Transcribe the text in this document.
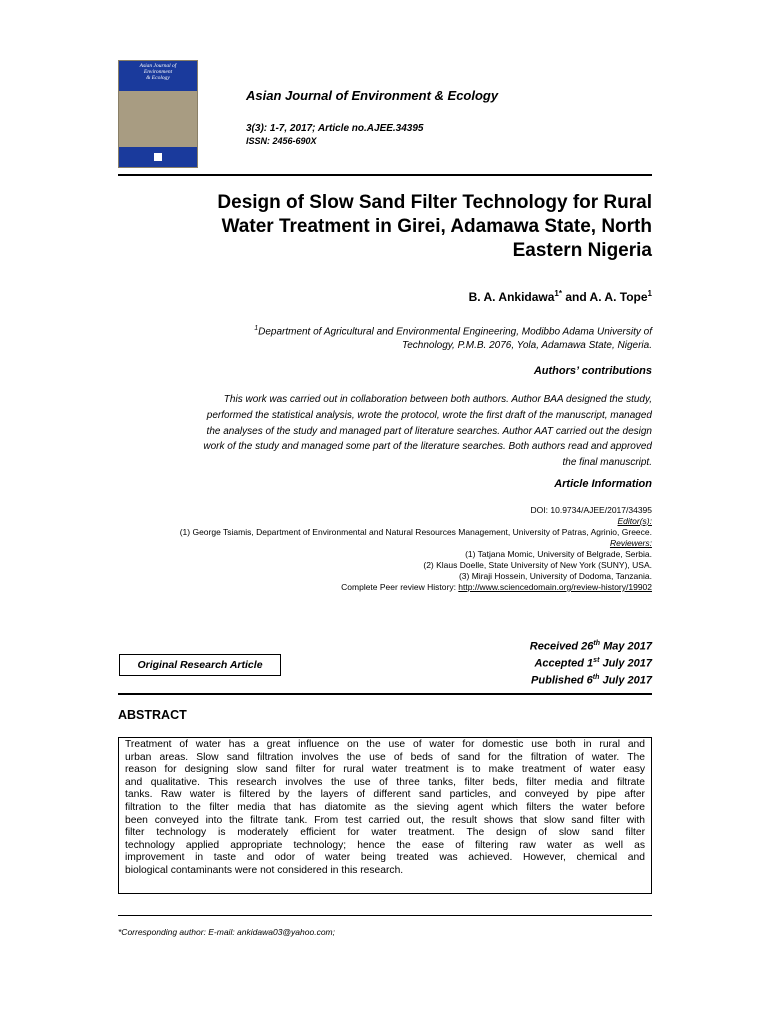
Asian Journal of
Environment
& Ecology
Asian Journal of Environment & Ecology
3(3): 1-7, 2017; Article no.AJEE.34395
ISSN: 2456-690X
Design of Slow Sand Filter Technology for Rural
Water Treatment in Girei, Adamawa State, North
Eastern Nigeria
B. A. Ankidawa$^{1*}$ and A. A. Tope$^1$
$^1$Department of Agricultural and Environmental Engineering, Modibbo Adama University of
Technology, P.M.B. 2076, Yola, Adamawa State, Nigeria.
Authors’ contributions
This work was carried out in collaboration between both authors. Author BAA designed the study,
performed the statistical analysis, wrote the protocol, wrote the first draft of the manuscript, managed
the analyses of the study and managed part of literature searches. Author AAT carried out the design
work of the study and managed some part of the literature searches. Both authors read and approved
the final manuscript.
Article Information
DOI: 10.9734/AJEE/2017/34395
Editor(s):
(1) George Tsiamis, Department of Environmental and Natural Resources Management, University of Patras, Agrinio, Greece.
Reviewers:
(1) Tatjana Momic, University of Belgrade, Serbia.
(2) Klaus Doelle, State University of New York (SUNY), USA.
(3) Miraji Hossein, University of Dodoma, Tanzania.
Complete Peer review History: http://www.sciencedomain.org/review-history/19902
Received 26th May 2017
Accepted 1st July 2017
Published 6th July 2017
Original Research Article
ABSTRACT
Treatment of water has a great influence on the use of water for domestic use both in rural and
urban areas. Slow sand filtration involves the use of beds of sand for the filtration of water. The
reason for designing slow sand filter for rural water treatment is to make treatment of water easy
and qualitative. This research involves the use of three tanks, filter beds, filter media and filtrate
tanks. Raw water is filtered by the layers of different sand particles, and conveyed by pipe after
filtration to the filter media that has diatomite as the sieving agent which filters the water before
been conveyed into the filtrate tank. From test carried out, the result shows that slow sand filter with
filter technology is moderately efficient for water treatment. The design of slow sand filter
technology applied appropriate technology; hence the ease of filtering raw water as well as
improvement in taste and odor of water being treated was achieved. However, chemical and
biological contaminants were not considered in this research.
*Corresponding author: E-mail: ankidawa03@yahoo.com;
